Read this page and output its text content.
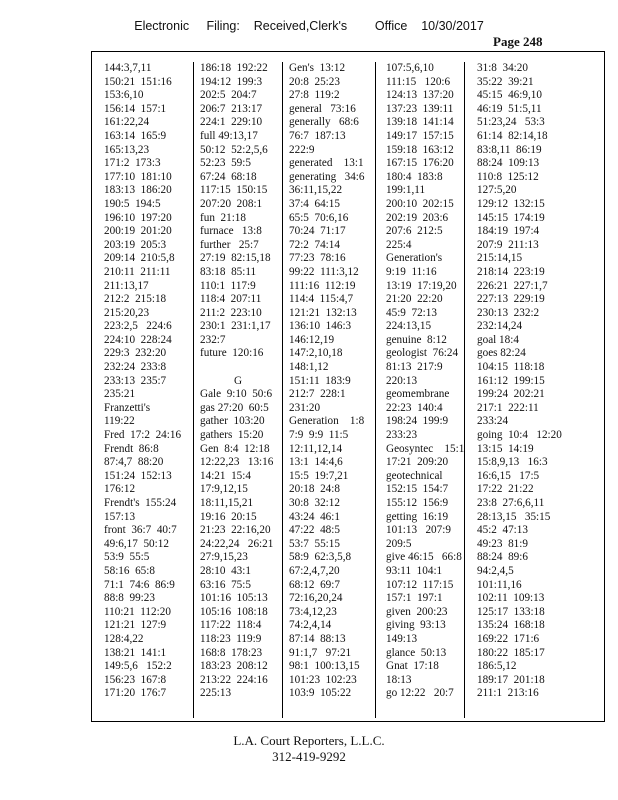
Electronic     Filing:    Received,Clerk's        Office    10/30/2017
Page 248
144:3,7,11
150:21  151:16
153:6,10
156:14  157:1
161:22,24
163:14  165:9
165:13,23
171:2  173:3
177:10  181:10
183:13  186:20
190:5  194:5
196:10  197:20
200:19  201:20
203:19  205:3
209:14  210:5,8
210:11  211:11
211:13,17
212:2  215:18
215:20,23
223:2,5   224:6
224:10  228:24
229:3  232:20
232:24  233:8
233:13  235:7
235:21
Franzetti's
119:22
Fred  17:2  24:16
Frendt  86:8
87:4,7  88:20
151:24  152:13
176:12
Frendt's  155:24
157:13
front  36:7  40:7
49:6,17  50:12
53:9  55:5
58:16  65:8
71:1  74:6  86:9
88:8  99:23
110:21  112:20
121:21  127:9
128:4,22
138:21  141:1
149:5,6   152:2
156:23  167:8
171:20  176:7
186:18  192:22
194:12  199:3
202:5  204:7
206:7  213:17
224:1  229:10
full 49:13,17
50:12  52:2,5,6
52:23  59:5
67:24  68:18
117:15  150:15
207:20  208:1
fun  21:18
furnace   13:8
further   25:7
27:19  82:15,18
83:18  85:11
110:1  117:9
118:4  207:11
211:2  223:10
230:1  231:1,17
232:7
future  120:16

G
Gale  9:10  50:6
gas 27:20  60:5
gather  103:20
gathers  15:20
Gen  8:4  12:18
12:22,23   13:16
14:21  15:4
17:9,12,15
18:11,15,21
19:16  20:15
21:23  22:16,20
24:22,24   26:21
27:9,15,23
28:10  43:1
63:16  75:5
101:16  105:13
105:16  108:18
117:22  118:4
118:23  119:9
168:8  178:23
183:23  208:12
213:22  224:16
225:13
Gen's  13:12
20:8  25:23
27:8  119:2
general   73:16
generally   68:6
76:7  187:13
222:9
generated    13:1
generating   34:6
36:11,15,22
37:4  64:15
65:5  70:6,16
70:24  71:17
72:2  74:14
77:23  78:16
99:22  111:3,12
111:16  112:19
114:4  115:4,7
121:21  132:13
136:10  146:3
146:12,19
147:2,10,18
148:1,12
151:11  183:9
212:7  228:1
231:20
Generation    1:8
7:9  9:9  11:5
12:11,12,14
13:1  14:4,6
15:5  19:7,21
20:18  24:8
30:8  32:12
43:24  46:1
47:22  48:5
53:7  55:15
58:9  62:3,5,8
67:2,4,7,20
68:12  69:7
72:16,20,24
73:4,12,23
74:2,4,14
87:14  88:13
91:1,7   97:21
98:1  100:13,15
101:23  102:23
103:9  105:22
107:5,6,10
111:15   120:6
124:13  137:20
137:23  139:11
139:18  141:14
149:17  157:15
159:18  163:12
167:15  176:20
180:4  183:8
199:1,11
200:10  202:15
202:19  203:6
207:6  212:5
225:4
Generation's
9:19  11:16
13:19  17:19,20
21:20  22:20
45:9  72:13
224:13,15
genuine  8:12
geologist  76:24
81:13  217:9
220:13
geomembrane
22:23  140:4
198:24  199:9
233:23
Geosyntec    15:1
17:21  209:20
geotechnical
152:15  154:7
155:12  156:9
getting  16:19
101:13   207:9
209:5
give 46:15   66:8
93:11  104:1
107:12  117:15
157:1  197:1
given  200:23
giving  93:13
149:13
glance  50:13
Gnat  17:18
18:13
go 12:22   20:7
31:8  34:20
35:22  39:21
45:15  46:9,10
46:19  51:5,11
51:23,24   53:3
61:14  82:14,18
83:8,11  86:19
88:24  109:13
110:8  125:12
127:5,20
129:12  132:15
145:15  174:19
184:19  197:4
207:9  211:13
215:14,15
218:14  223:19
226:21  227:1,7
227:13  229:19
230:13  232:2
232:14,24
goal 18:4
goes 82:24
104:15  118:18
161:12  199:15
199:24  202:21
217:1  222:11
233:24
going  10:4   12:20
13:15  14:19
15:8,9,13   16:3
16:6,15   17:5
17:22  21:22
23:8  27:6,6,11
28:13,15   35:15
45:2  47:13
49:23  81:9
88:24  89:6
94:2,4,5
101:11,16
102:11  109:13
125:17  133:18
135:24  168:18
169:22  171:6
180:22  185:17
186:5,12
189:17  201:18
211:1  213:16
L.A. Court Reporters, L.L.C.
312-419-9292
